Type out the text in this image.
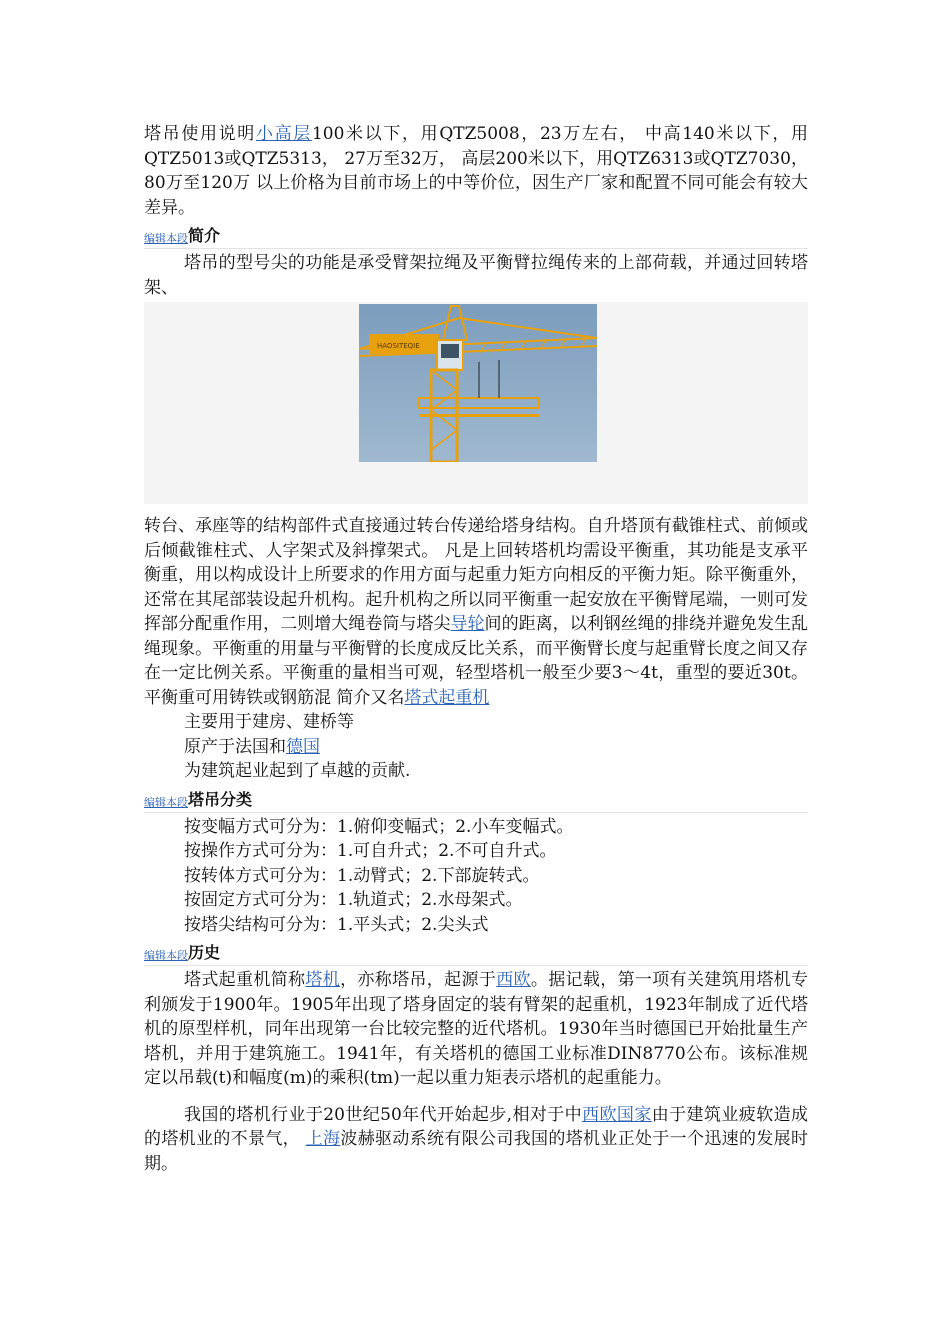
塔吊使用说明小高层100米以下，用QTZ5008，23万左右， 中高140米以下，用QTZ5013或QTZ5313， 27万至32万， 高层200米以下，用QTZ6313或QTZ7030，80万至120万 以上价格为目前市场上的中等价位，因生产厂家和配置不同可能会有较大差异。

编辑本段 简介

塔吊的型号尖的功能是承受臂架拉绳及平衡臂拉绳传来的上部荷载，并通过回转塔架、

HAOSITEQIE

转台、承座等的结构部件式直接通过转台传递给塔身结构。自升塔顶有截锥柱式、前倾或后倾截锥柱式、人字架式及斜撑架式。 凡是上回转塔机均需设平衡重，其功能是支承平衡重，用以构成设计上所要求的作用方面与起重力矩方向相反的平衡力矩。除平衡重外，还常在其尾部装设起升机构。起升机构之所以同平衡重一起安放在平衡臂尾端，一则可发挥部分配重作用，二则增大绳卷筒与塔尖导轮间的距离，以利钢丝绳的排绕并避免发生乱绳现象。平衡重的用量与平衡臂的长度成反比关系，而平衡臂长度与起重臂长度之间又存在一定比例关系。平衡重的量相当可观，轻型塔机一般至少要3～4t，重型的要近30t。平衡重可用铸铁或钢筋混 简介又名塔式起重机

主要用于建房、建桥等

原产于法国和德国

为建筑起业起到了卓越的贡献.

编辑本段 塔吊分类

按变幅方式可分为：1.俯仰变幅式；2.小车变幅式。

按操作方式可分为：1.可自升式；2.不可自升式。

按转体方式可分为：1.动臂式；2.下部旋转式。

按固定方式可分为：1.轨道式；2.水母架式。

按塔尖结构可分为：1.平头式；2.尖头式

编辑本段 历史

塔式起重机简称塔机，亦称塔吊，起源于西欧。据记载，第一项有关建筑用塔机专利颁发于1900年。1905年出现了塔身固定的装有臂架的起重机，1923年制成了近代塔机的原型样机，同年出现第一台比较完整的近代塔机。1930年当时德国已开始批量生产塔机，并用于建筑施工。1941年，有关塔机的德国工业标准DIN8770公布。该标准规定以吊载(t)和幅度(m)的乘积(tm)一起以重力矩表示塔机的起重能力。

我国的塔机行业于20世纪50年代开始起步,相对于中西欧国家由于建筑业疲软造成的塔机业的不景气， 上海波赫驱动系统有限公司我国的塔机业正处于一个迅速的发展时期。
